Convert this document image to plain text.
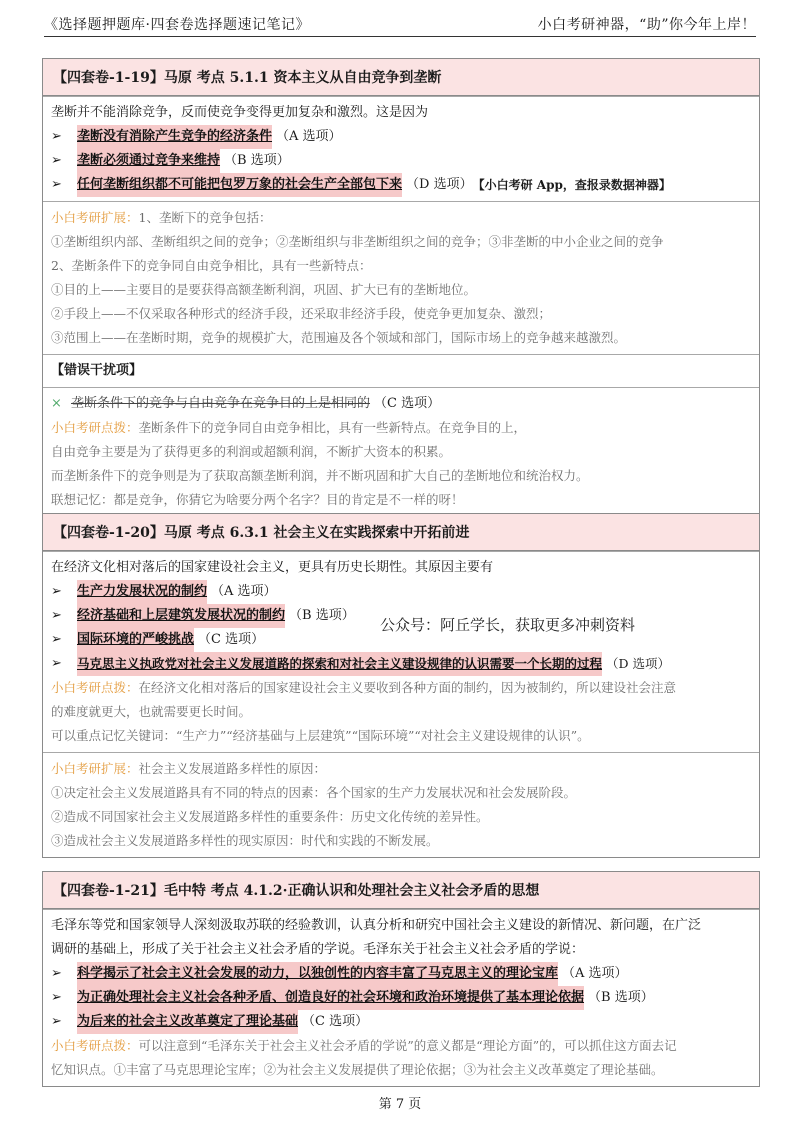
《选择题押题库·四套卷选择题速记笔记》	小白考研神器，“助”你今年上岸！
【四套卷-1-19】马原 考点 5.1.1 资本主义从自由竞争到垄断
垄断并不能消除竞争，反而使竞争变得更加复杂和激烈。这是因为
➢	垄断没有消除产生竞争的经济条件 （A 选项）
➢	垄断必须通过竞争来维持 （B 选项）
➢	任何垄断组织都不可能把包罗万象的社会生产全部包下来 （D 选项） 【小白考研 App，查报录数据神器】
小白考研扩展：1、垄断下的竞争包括：
①垄断组织内部、垄断组织之间的竞争；②垄断组织与非垄断组织之间的竞争；③非垄断的中小企业之间的竞争
2、垄断条件下的竞争同自由竞争相比，具有一些新特点：
①目的上——主要目的是要获得高额垄断利润，巩固、扩大已有的垄断地位。
②手段上——不仅采取各种形式的经济手段，还采取非经济手段，使竞争更加复杂、激烈；
③范围上——在垄断时期，竞争的规模扩大，范围遍及各个领域和部门，国际市场上的竞争越来越激烈。
【错误干扰项】
× 垄断条件下的竞争与自由竞争在竞争目的上是相同的 （C 选项）
小白考研点拨：垄断条件下的竞争同自由竞争相比，具有一些新特点。在竞争目的上，
自由竞争主要是为了获得更多的利润或超额利润，不断扩大资本的积累。
而垄断条件下的竞争则是为了获取高额垄断利润，并不断巩固和扩大自己的垄断地位和统治权力。
联想记忆：都是竞争，你猜它为啥要分两个名字？目的肯定是不一样的呀！
【四套卷-1-20】马原 考点 6.3.1 社会主义在实践探索中开拓前进
在经济文化相对落后的国家建设社会主义，更具有历史长期性。其原因主要有
➢	生产力发展状况的制约 （A 选项）
➢	经济基础和上层建筑发展状况的制约 （B 选项）
➢	国际环境的严峻挑战 （C 选项）
➢	马克思主义执政党对社会主义发展道路的探索和对社会主义建设规律的认识需要一个长期的过程 （D 选项）
小白考研点拨：在经济文化相对落后的国家建设社会主义要收到各种方面的制约，因为被制约，所以建设社会注意
的难度就更大，也就需要更长时间。
可以重点记忆关键词：“生产力”“经济基础与上层建筑”“国际环境”“对社会主义建设规律的认识”。
小白考研扩展：社会主义发展道路多样性的原因：
①决定社会主义发展道路具有不同的特点的因素：各个国家的生产力发展状况和社会发展阶段。
②造成不同国家社会主义发展道路多样性的重要条件：历史文化传统的差异性。
③造成社会主义发展道路多样性的现实原因：时代和实践的不断发展。
公众号：阿丘学长，获取更多冲刺资料
【四套卷-1-21】毛中特 考点 4.1.2·正确认识和处理社会主义社会矛盾的思想
毛泽东等党和国家领导人深刻汲取苏联的经验教训，认真分析和研究中国社会主义建设的新情况、新问题，在广泛
调研的基础上，形成了关于社会主义社会矛盾的学说。毛泽东关于社会主义社会矛盾的学说：
➢	科学揭示了社会主义社会发展的动力，以独创性的内容丰富了马克思主义的理论宝库 （A 选项）
➢	为正确处理社会主义社会各种矛盾、创造良好的社会环境和政治环境提供了基本理论依据 （B 选项）
➢	为后来的社会主义改革奠定了理论基础 （C 选项）
小白考研点拨：可以注意到“毛泽东关于社会主义社会矛盾的学说”的意义都是“理论方面”的，可以抓住这方面去记
忆知识点。①丰富了马克思理论宝库；②为社会主义发展提供了理论依据；③为社会主义改革奠定了理论基础。
第 7 页
